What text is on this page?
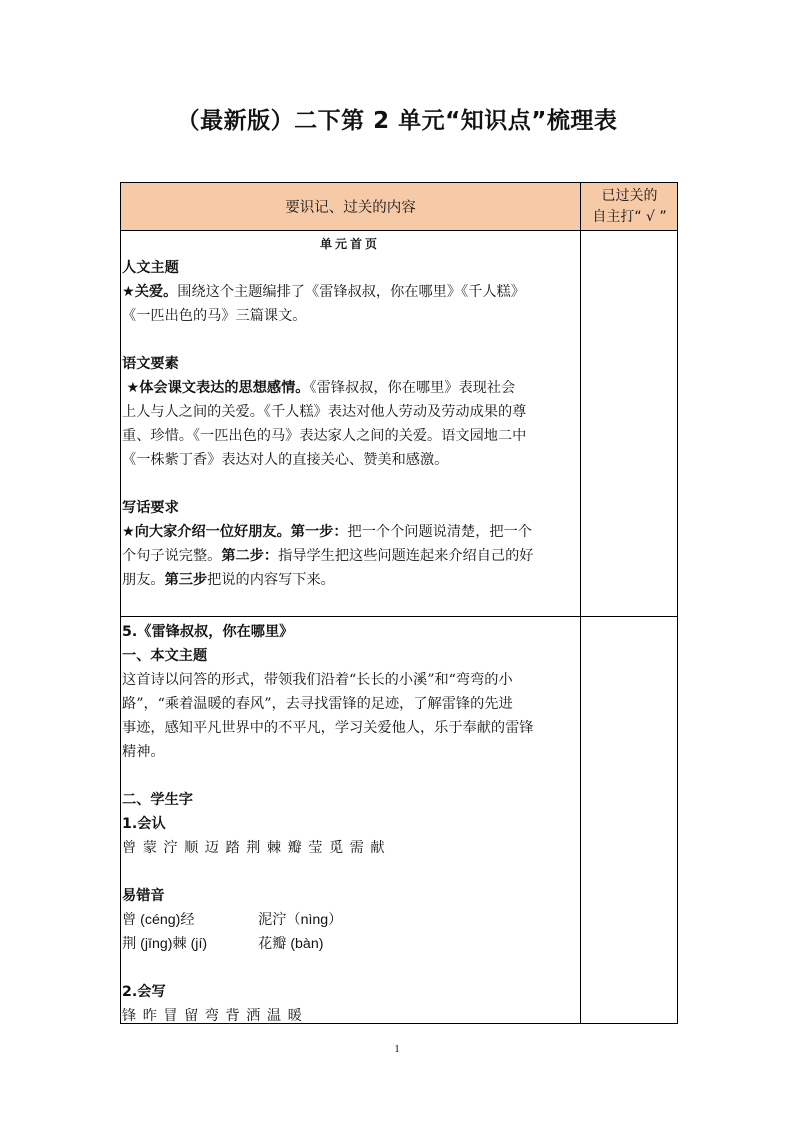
（最新版）二下第 2 单元“知识点”梳理表
要识记、过关的内容
已过关的
自主打“ √ ”

单元首页

人文主题

★关爱。围绕这个主题编排了《雷锋叔叔，你在哪里》《千人糕》

《一匹出色的马》三篇课文。

语文要素

★体会课文表达的思想感情。《雷锋叔叔，你在哪里》表现社会

上人与人之间的关爱。《千人糕》表达对他人劳动及劳动成果的尊

重、珍惜。《一匹出色的马》表达家人之间的关爱。语文园地二中

《一株紫丁香》表达对人的直接关心、赞美和感激。

写话要求

★向大家介绍一位好朋友。第一步：把一个个问题说清楚，把一个

个句子说完整。第二步：指导学生把这些问题连起来介绍自己的好

朋友。第三步把说的内容写下来。

5.《雷锋叔叔，你在哪里》

一、本文主题

这首诗以问答的形式，带领我们沿着“长长的小溪”和“弯弯的小

路”，“乘着温暖的春风”，去寻找雷锋的足迹，了解雷锋的先进

事迹，感知平凡世界中的不平凡，学习关爱他人，乐于奉献的雷锋

精神。

二、学生字

1.会认

曾 蒙 泞 顺 迈 踏 荆 棘 瓣 莹 觅 需 献

易错音

曾 (céng)经	泥泞（nìng）

荆 (jīng)棘 (jí)	花瓣 (bàn)

2.会写

锋 昨 冒 留 弯 背 洒 温 暖

1
